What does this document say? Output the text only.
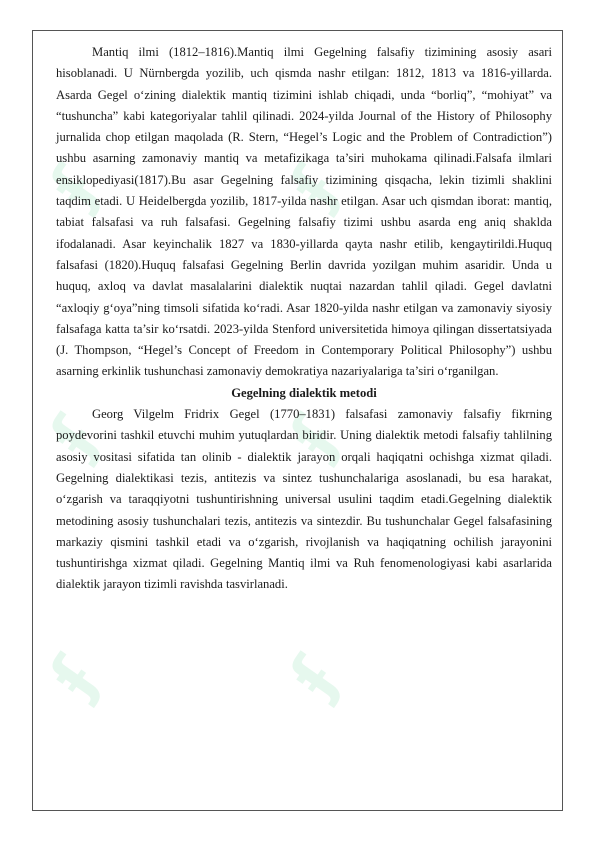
ʄ	ʄ
ʄ	ʄ
ʄ	ʄ

Mantiq ilmi (1812–1816).Mantiq ilmi Gegelning falsafiy tizimining asosiy asari hisoblanadi. U Nürnbergda yozilib, uch qismda nashr etilgan: 1812, 1813 va 1816-yillarda. Asarda Gegel o‘zining dialektik mantiq tizimini ishlab chiqadi, unda “borliq”, “mohiyat” va “tushuncha” kabi kategoriyalar tahlil qilinadi. 2024-yilda Journal of the History of Philosophy jurnalida chop etilgan maqolada (R. Stern, “Hegel’s Logic and the Problem of Contradiction”) ushbu asarning zamonaviy mantiq va metafizikaga ta’siri muhokama qilinadi.Falsafa ilmlari ensiklopediyasi(1817).Bu asar Gegelning falsafiy tizimining qisqacha, lekin tizimli shaklini taqdim etadi. U Heidelbergda yozilib, 1817-yilda nashr etilgan. Asar uch qismdan iborat: mantiq, tabiat falsafasi va ruh falsafasi. Gegelning falsafiy tizimi ushbu asarda eng aniq shaklda ifodalanadi. Asar keyinchalik 1827 va 1830-yillarda qayta nashr etilib, kengaytirildi.Huquq falsafasi (1820).Huquq falsafasi Gegelning Berlin davrida yozilgan muhim asaridir. Unda u huquq, axloq va davlat masalalarini dialektik nuqtai nazardan tahlil qiladi. Gegel davlatni “axloqiy g‘oya”ning timsoli sifatida ko‘radi. Asar 1820-yilda nashr etilgan va zamonaviy siyosiy falsafaga katta ta’sir ko‘rsatdi. 2023-yilda Stenford universitetida himoya qilingan dissertatsiyada (J. Thompson, “Hegel’s Concept of Freedom in Contemporary Political Philosophy”) ushbu asarning erkinlik tushunchasi zamonaviy demokratiya nazariyalariga ta’siri o‘rganilgan.

Gegelning dialektik metodi

Georg Vilgelm Fridrix Gegel (1770–1831) falsafasi zamonaviy falsafiy fikrning poydevorini tashkil etuvchi muhim yutuqlardan biridir. Uning dialektik metodi falsafiy tahlilning asosiy vositasi sifatida tan olinib - dialektik jarayon orqali haqiqatni ochishga xizmat qiladi. Gegelning dialektikasi tezis, antitezis va sintez tushunchalariga asoslanadi, bu esa harakat, o‘zgarish va taraqqiyotni tushuntirishning universal usulini taqdim etadi.Gegelning dialektik metodining asosiy tushunchalari tezis, antitezis va sintezdir. Bu tushunchalar Gegel falsafasining markaziy qismini tashkil etadi va o‘zgarish, rivojlanish va haqiqatning ochilish jarayonini tushuntirishga xizmat qiladi. Gegelning Mantiq ilmi va Ruh fenomenologiyasi kabi asarlarida dialektik jarayon tizimli ravishda tasvirlanadi.
